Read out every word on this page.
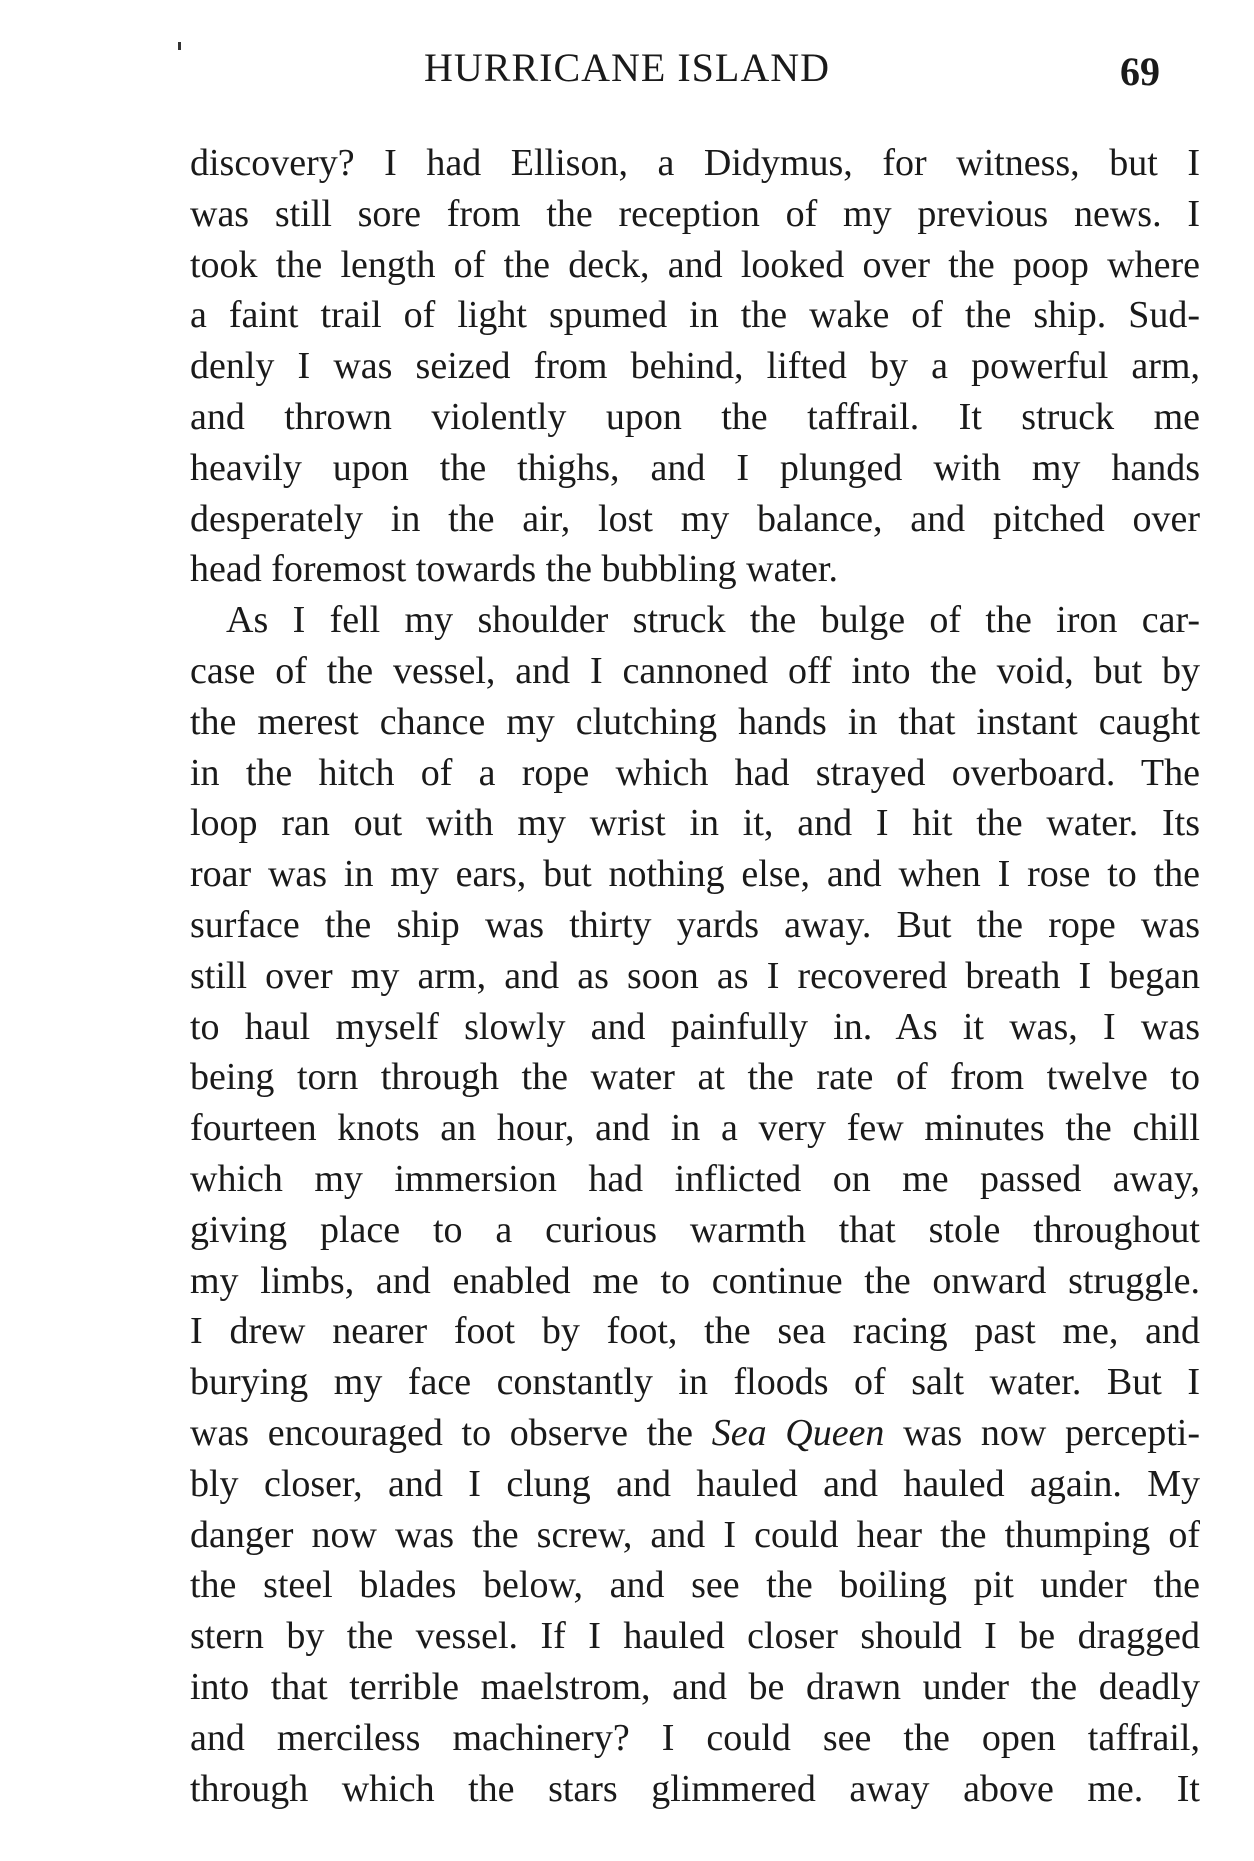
HURRICANE ISLAND	69
discovery? I had Ellison, a Didymus, for witness, but I
was still sore from the reception of my previous news. I
took the length of the deck, and looked over the poop where
a faint trail of light spumed in the wake of the ship. Sud-
denly I was seized from behind, lifted by a powerful arm,
and thrown violently upon the taffrail. It struck me
heavily upon the thighs, and I plunged with my hands
desperately in the air, lost my balance, and pitched over
head foremost towards the bubbling water.
As I fell my shoulder struck the bulge of the iron car-
case of the vessel, and I cannoned off into the void, but by
the merest chance my clutching hands in that instant caught
in the hitch of a rope which had strayed overboard. The
loop ran out with my wrist in it, and I hit the water. Its
roar was in my ears, but nothing else, and when I rose to the
surface the ship was thirty yards away. But the rope was
still over my arm, and as soon as I recovered breath I began
to haul myself slowly and painfully in. As it was, I was
being torn through the water at the rate of from twelve to
fourteen knots an hour, and in a very few minutes the chill
which my immersion had inflicted on me passed away,
giving place to a curious warmth that stole throughout
my limbs, and enabled me to continue the onward struggle.
I drew nearer foot by foot, the sea racing past me, and
burying my face constantly in floods of salt water. But I
was encouraged to observe the Sea Queen was now percepti-
bly closer, and I clung and hauled and hauled again. My
danger now was the screw, and I could hear the thumping of
the steel blades below, and see the boiling pit under the
stern by the vessel. If I hauled closer should I be dragged
into that terrible maelstrom, and be drawn under the deadly
and merciless machinery? I could see the open taffrail,
through which the stars glimmered away above me. It
